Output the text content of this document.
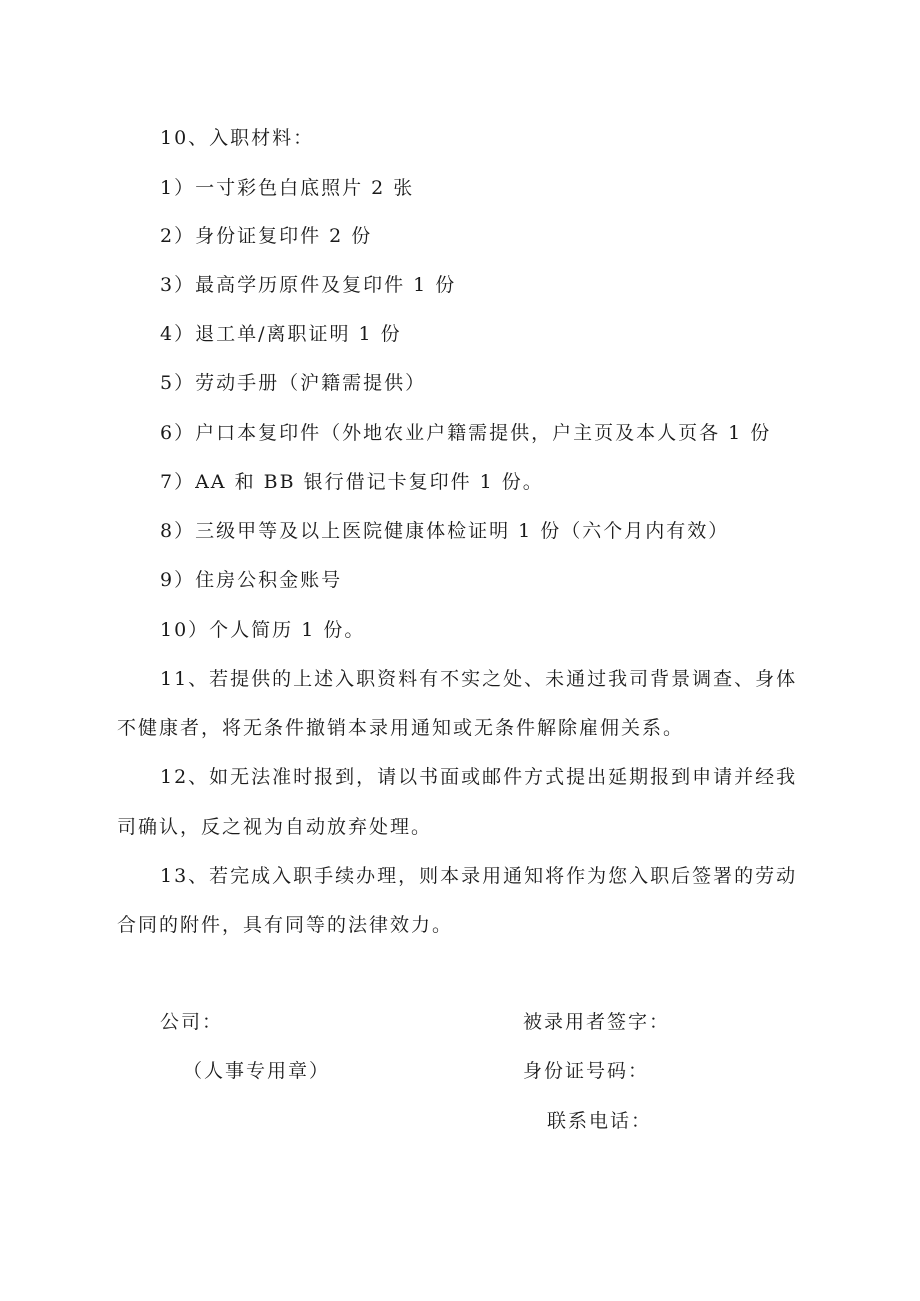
10、入职材料：
1）一寸彩色白底照片 2 张
2）身份证复印件 2 份
3）最高学历原件及复印件 1 份
4）退工单/离职证明 1 份
5）劳动手册（沪籍需提供）
6）户口本复印件（外地农业户籍需提供，户主页及本人页各 1 份
7）AA 和 BB 银行借记卡复印件 1 份。
8）三级甲等及以上医院健康体检证明 1 份（六个月内有效）
9）住房公积金账号
10）个人简历 1 份。
11、若提供的上述入职资料有不实之处、未通过我司背景调查、身体
不健康者，将无条件撤销本录用通知或无条件解除雇佣关系。
12、如无法准时报到，请以书面或邮件方式提出延期报到申请并经我
司确认，反之视为自动放弃处理。
13、若完成入职手续办理，则本录用通知将作为您入职后签署的劳动
合同的附件，具有同等的法律效力。
公司：
（人事专用章）
被录用者签字：
身份证号码：
联系电话：
